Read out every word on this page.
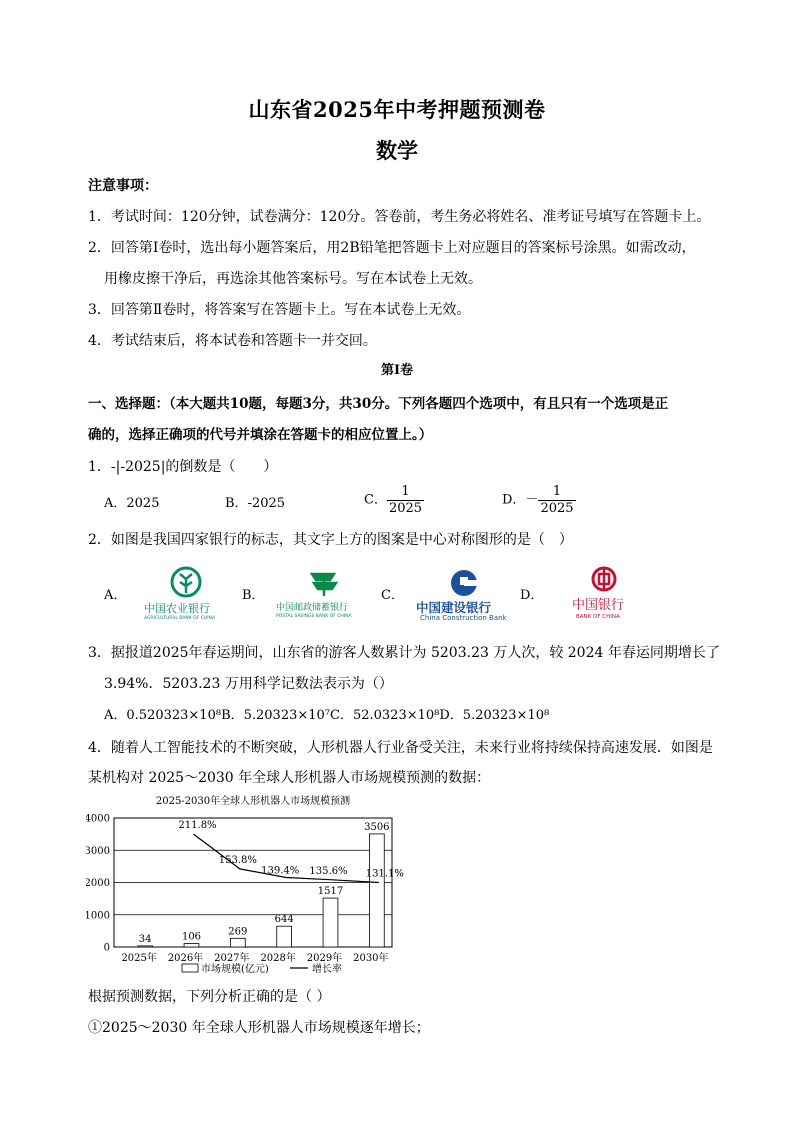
山东省2025年中考押题预测卷
数学
注意事项：
1．考试时间：120分钟，试卷满分：120分。答卷前，考生务必将姓名、准考证号填写在答题卡上。
2．回答第Ⅰ卷时，选出每小题答案后，用2B铅笔把答题卡上对应题目的答案标号涂黑。如需改动，
用橡皮擦干净后，再选涂其他答案标号。写在本试卷上无效。
3．回答第Ⅱ卷时，将答案写在答题卡上。写在本试卷上无效。
4．考试结束后，将本试卷和答题卡一并交回。
第Ⅰ卷
一、选择题：（本大题共10题，每题3分，共30分。下列各题四个选项中，有且只有一个选项是正
确的，选择正确项的代号并填涂在答题卡的相应位置上。）
1．-|-2025|的倒数是（　　）
A．2025	B．-2025	C． $\frac{1}{2025}$	D．－ $\frac{1}{2025}$
2．如图是我国四家银行的标志，其文字上方的图案是中心对称图形的是（　）
A．	B．	C．	D．
中国农业银行
AGRICULTURAL BANK OF CHINA
中国邮政储蓄银行
POSTAL SAVINGS BANK OF CHINA
中国建设银行
China Construction Bank
中国银行
BANK OF CHINA
3．据报道2025年春运期间，山东省的游客人数累计为 5203.23 万人次，较 2024 年春运同期增长了
3.94%．5203.23 万用科学记数法表示为（）
A．0.520323×10⁸B．5.20323×10⁷C．52.0323×10⁸D．5.20323×10⁸
4．随着人工智能技术的不断突破，人形机器人行业备受关注，未来行业将持续保持高速发展．如图是
某机构对 2025～2030 年全球人形机器人市场规模预测的数据：
2025-2030年全球人形机器人市场规模预测
0
1000
2000
3000
4000
34	106	269
644
1517
3506
2025年 2026年 2027年 2028年 2029年 2030年
211.8%
153.8%
139.4% 135.6% 131.1%
市场规模(亿元)	增长率
根据预测数据，下列分析正确的是（ ）
①2025～2030 年全球人形机器人市场规模逐年增长；
